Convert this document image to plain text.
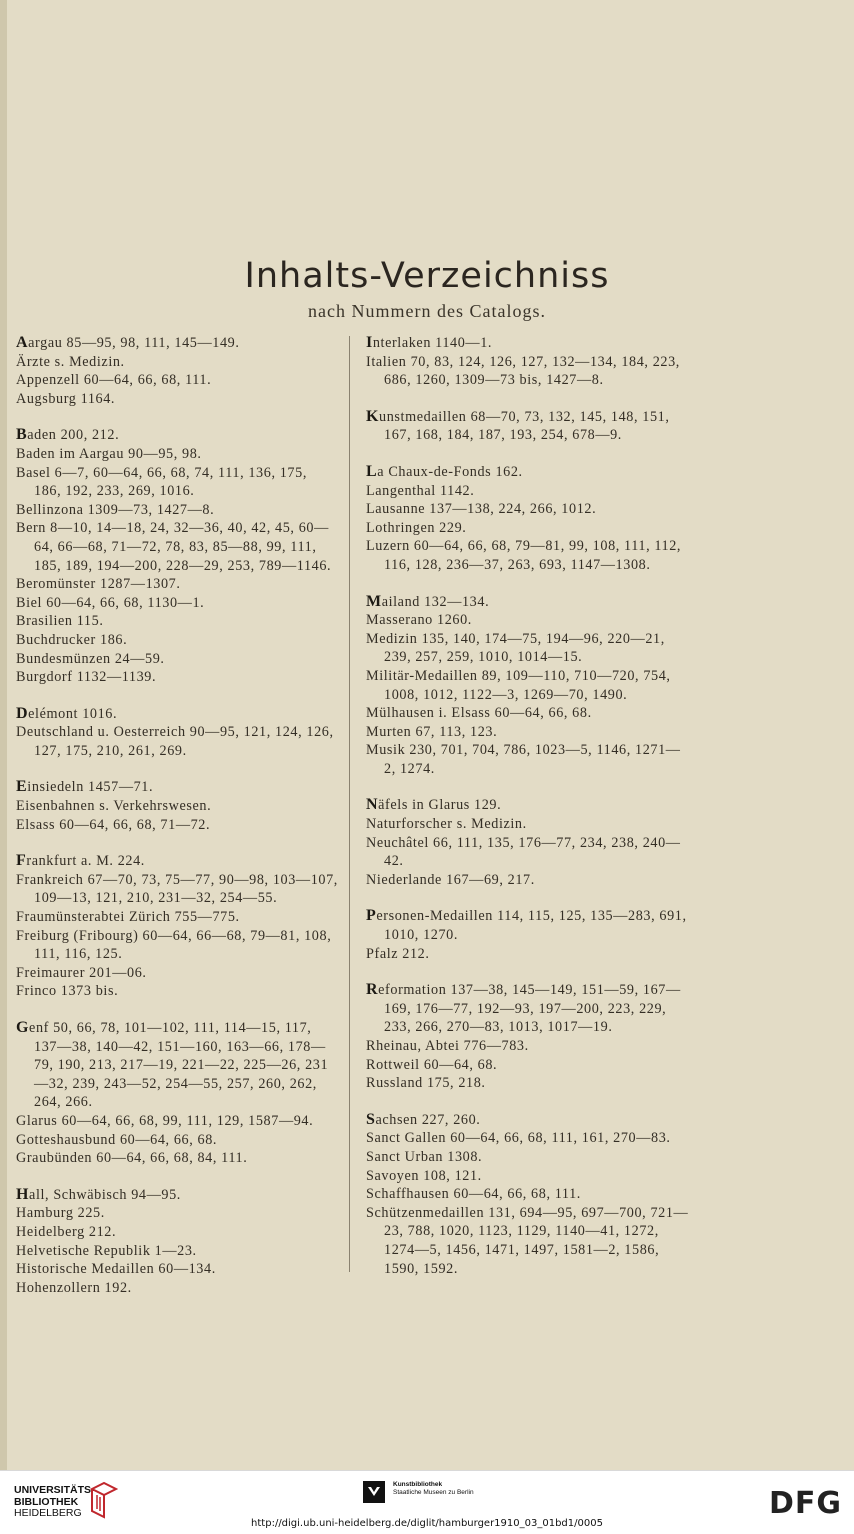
Inhalts-Verzeichniss
nach Nummern des Catalogs.
Aargau 85—95, 98, 111, 145—149.
Ärzte s. Medizin.
Appenzell 60—64, 66, 68, 111.
Augsburg 1164.
Baden 200, 212.
Baden im Aargau 90—95, 98.
Basel 6—7, 60—64, 66, 68, 74, 111, 136, 175, 186, 192, 233, 269, 1016.
Bellinzona 1309—73, 1427—8.
Bern 8—10, 14—18, 24, 32—36, 40, 42, 45, 60—64, 66—68, 71—72, 78, 83, 85—88, 99, 111, 185, 189, 194—200, 228—29, 253, 789—1146.
Beromünster 1287—1307.
Biel 60—64, 66, 68, 1130—1.
Brasilien 115.
Buchdrucker 186.
Bundesmünzen 24—59.
Burgdorf 1132—1139.
Delémont 1016.
Deutschland u. Oesterreich 90—95, 121, 124, 126, 127, 175, 210, 261, 269.
Einsiedeln 1457—71.
Eisenbahnen s. Verkehrswesen.
Elsass 60—64, 66, 68, 71—72.
Frankfurt a. M. 224.
Frankreich 67—70, 73, 75—77, 90—98, 103—107, 109—13, 121, 210, 231—32, 254—55.
Fraumünsterabtei Zürich 755—775.
Freiburg (Fribourg) 60—64, 66—68, 79—81, 108, 111, 116, 125.
Freimaurer 201—06.
Frinco 1373 bis.
Genf 50, 66, 78, 101—102, 111, 114—15, 117, 137—38, 140—42, 151—160, 163—66, 178—79, 190, 213, 217—19, 221—22, 225—26, 231—32, 239, 243—52, 254—55, 257, 260, 262, 264, 266.
Glarus 60—64, 66, 68, 99, 111, 129, 1587—94.
Gotteshausbund 60—64, 66, 68.
Graubünden 60—64, 66, 68, 84, 111.
Hall, Schwäbisch 94—95.
Hamburg 225.
Heidelberg 212.
Helvetische Republik 1—23.
Historische Medaillen 60—134.
Hohenzollern 192.
Interlaken 1140—1.
Italien 70, 83, 124, 126, 127, 132—134, 184, 223, 686, 1260, 1309—73 bis, 1427—8.
Kunstmedaillen 68—70, 73, 132, 145, 148, 151, 167, 168, 184, 187, 193, 254, 678—9.
La Chaux-de-Fonds 162.
Langenthal 1142.
Lausanne 137—138, 224, 266, 1012.
Lothringen 229.
Luzern 60—64, 66, 68, 79—81, 99, 108, 111, 112, 116, 128, 236—37, 263, 693, 1147—1308.
Mailand 132—134.
Masserano 1260.
Medizin 135, 140, 174—75, 194—96, 220—21, 239, 257, 259, 1010, 1014—15.
Militär-Medaillen 89, 109—110, 710—720, 754, 1008, 1012, 1122—3, 1269—70, 1490.
Mülhausen i. Elsass 60—64, 66, 68.
Murten 67, 113, 123.
Musik 230, 701, 704, 786, 1023—5, 1146, 1271—2, 1274.
Näfels in Glarus 129.
Naturforscher s. Medizin.
Neuchâtel 66, 111, 135, 176—77, 234, 238, 240—42.
Niederlande 167—69, 217.
Personen-Medaillen 114, 115, 125, 135—283, 691, 1010, 1270.
Pfalz 212.
Reformation 137—38, 145—149, 151—59, 167—169, 176—77, 192—93, 197—200, 223, 229, 233, 266, 270—83, 1013, 1017—19.
Rheinau, Abtei 776—783.
Rottweil 60—64, 68.
Russland 175, 218.
Sachsen 227, 260.
Sanct Gallen 60—64, 66, 68, 111, 161, 270—83.
Sanct Urban 1308.
Savoyen 108, 121.
Schaffhausen 60—64, 66, 68, 111.
Schützenmedaillen 131, 694—95, 697—700, 721—23, 788, 1020, 1123, 1129, 1140—41, 1272, 1274—5, 1456, 1471, 1497, 1581—2, 1586, 1590, 1592.
UNIVERSITÄTS-
BIBLIOTHEK
HEIDELBERG
Kunstbibliothek
Staatliche Museen zu Berlin	DFG
http://digi.ub.uni-heidelberg.de/diglit/hamburger1910_03_01bd1/0005
